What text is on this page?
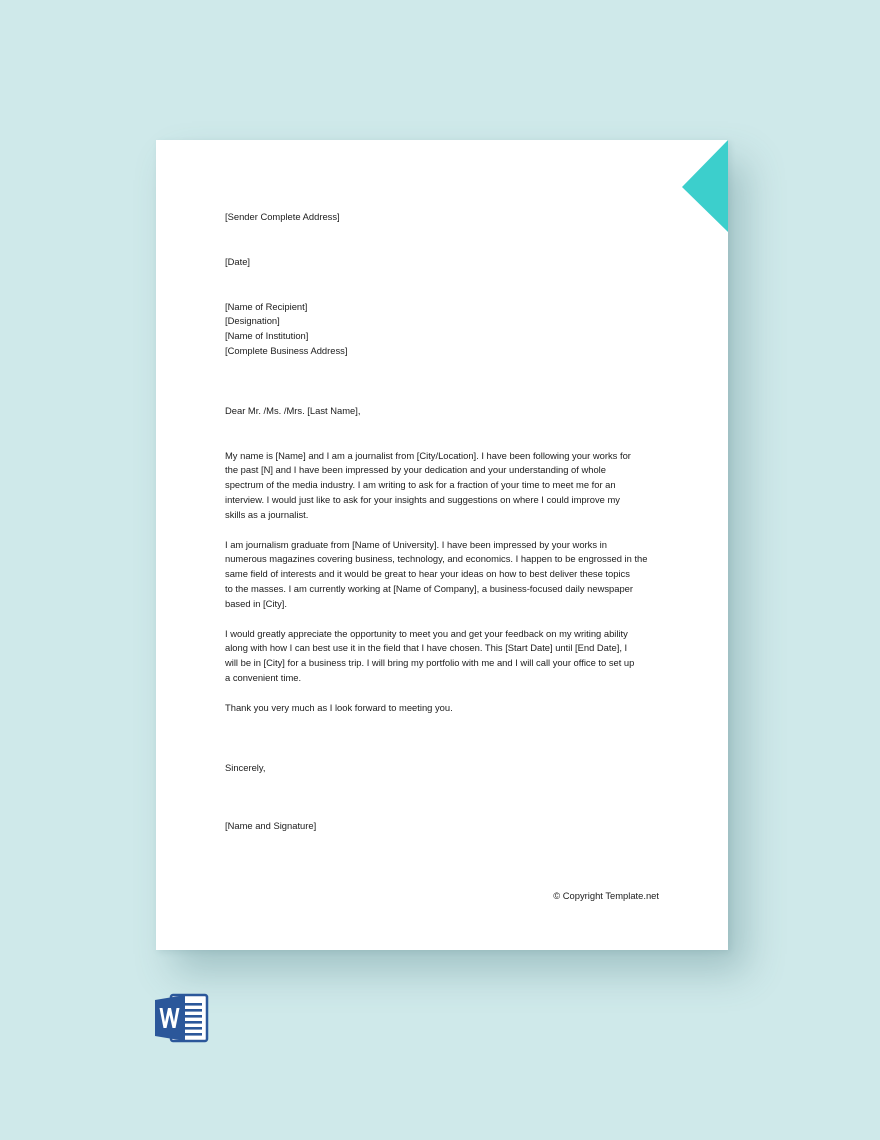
[Sender Complete Address]

[Date]

[Name of Recipient]
[Designation]
[Name of Institution]
[Complete Business Address]

Dear Mr. /Ms. /Mrs. [Last Name],

My name is [Name] and I am a journalist from [City/Location]. I have been following your works for
the past [N] and I have been impressed by your dedication and your understanding of whole
spectrum of the media industry. I am writing to ask for a fraction of your time to meet me for an
interview. I would just like to ask for your insights and suggestions on where I could improve my
skills as a journalist.

I am journalism graduate from [Name of University]. I have been impressed by your works in
numerous magazines covering business, technology, and economics. I happen to be engrossed in the
same field of interests and it would be great to hear your ideas on how to best deliver these topics
to the masses. I am currently working at [Name of Company], a business-focused daily newspaper
based in [City].

I would greatly appreciate the opportunity to meet you and get your feedback on my writing ability
along with how I can best use it in the field that I have chosen. This [Start Date] until [End Date], I
will be in [City] for a business trip. I will bring my portfolio with me and I will call your office to set up
a convenient time.

Thank you very much as I look forward to meeting you.

Sincerely,

[Name and Signature]

© Copyright Template.net
